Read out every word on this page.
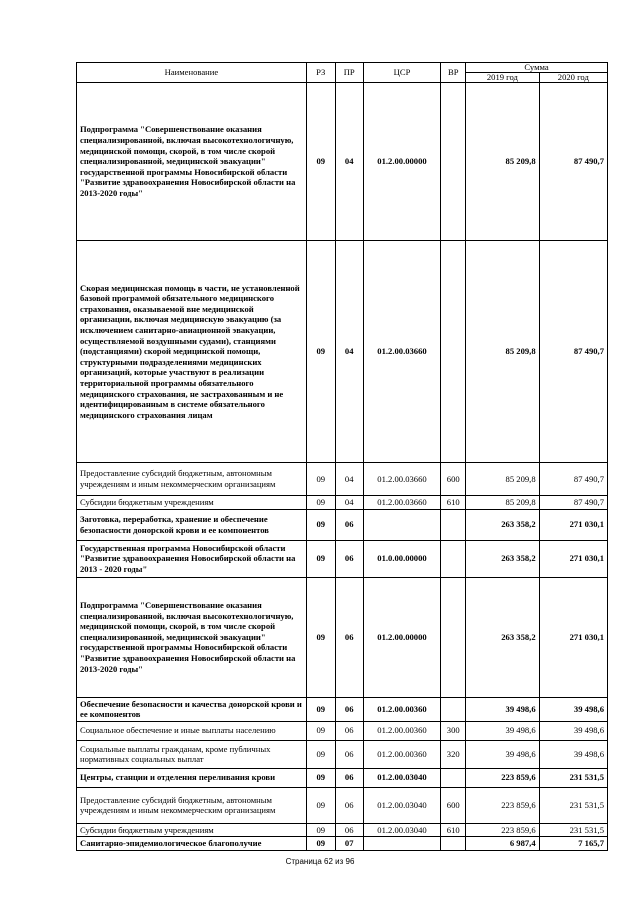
Наименование	РЗ	ПР	ЦСР	ВР	Сумма	
					2019 год	2020 год
Подпрограмма "Совершенствование оказания специализированной, включая высокотехнологичную, медицинской помощи, скорой, в том числе скорой специализированной, медицинской эвакуации" государственной программы Новосибирской области "Развитие здравоохранения Новосибирской области на 2013-2020 годы"	09	04	01.2.00.00000		85 209,8	87 490,7
Скорая медицинская помощь в части, не установленной базовой программой обязательного медицинского страхования, оказываемой вне медицинской организации, включая медицинскую эвакуацию (за исключением санитарно-авиационной эвакуации, осуществляемой воздушными судами), станциями (подстанциями) скорой медицинской помощи, структурными подразделениями медицинских организаций, которые участвуют в реализации территориальной программы обязательного медицинского страхования, не застрахованным и не идентифицированным в системе обязательного медицинского страхования лицам	09	04	01.2.00.03660		85 209,8	87 490,7
Предоставление субсидий бюджетным, автономным учреждениям и иным некоммерческим организациям	09	04	01.2.00.03660	600	85 209,8	87 490,7
Субсидии бюджетным учреждениям	09	04	01.2.00.03660	610	85 209,8	87 490,7
Заготовка, переработка, хранение и обеспечение безопасности донорской крови и ее компонентов	09	06			263 358,2	271 030,1
Государственная программа Новосибирской области "Развитие здравоохранения Новосибирской области на 2013 - 2020 годы"	09	06	01.0.00.00000		263 358,2	271 030,1
Подпрограмма "Совершенствование оказания специализированной, включая высокотехнологичную, медицинской помощи, скорой, в том числе скорой специализированной, медицинской эвакуации" государственной программы Новосибирской области "Развитие здравоохранения Новосибирской области на 2013-2020 годы"	09	06	01.2.00.00000		263 358,2	271 030,1
Обеспечение безопасности и качества донорской крови и ее компонентов	09	06	01.2.00.00360		39 498,6	39 498,6
Социальное обеспечение и иные выплаты населению	09	06	01.2.00.00360	300	39 498,6	39 498,6
Социальные выплаты гражданам, кроме публичных нормативных социальных выплат	09	06	01.2.00.00360	320	39 498,6	39 498,6
Центры, станции и отделения переливания крови	09	06	01.2.00.03040		223 859,6	231 531,5
Предоставление субсидий бюджетным, автономным учреждениям и иным некоммерческим организациям	09	06	01.2.00.03040	600	223 859,6	231 531,5
Субсидии бюджетным учреждениям	09	06	01.2.00.03040	610	223 859,6	231 531,5
Санитарно-эпидемиологическое благополучие	09	07			6 987,4	7 165,7
Страница 62 из 96
